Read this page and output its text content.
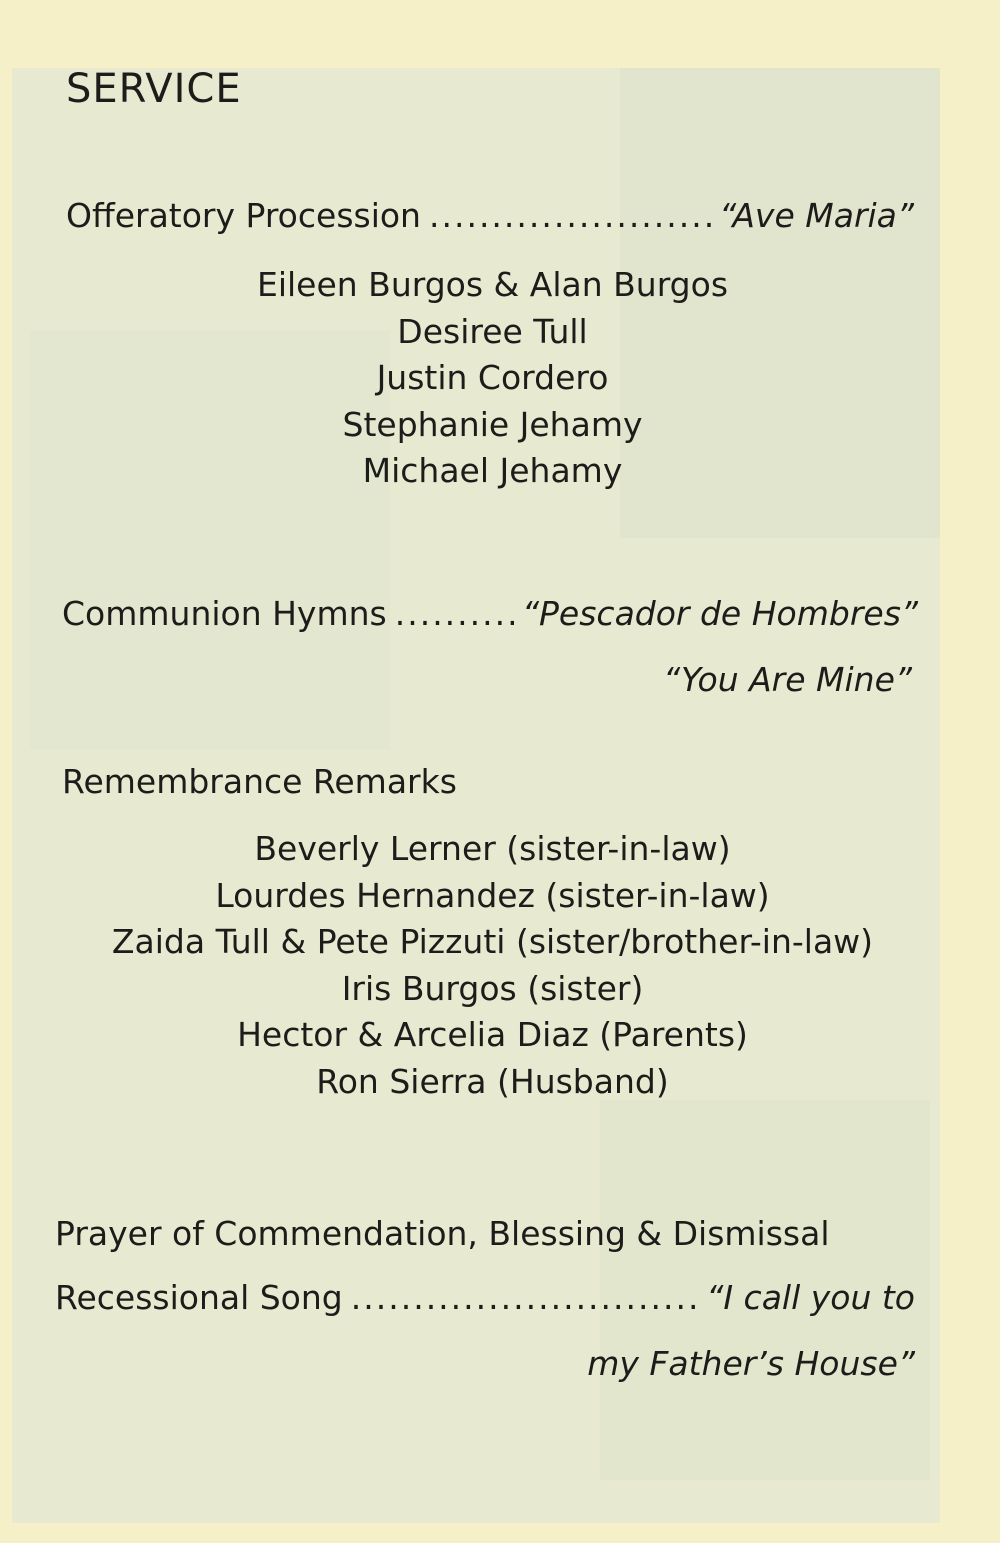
SERVICE
Offeratory Procession .....	“Ave Maria”
Eileen Burgos & Alan Burgos
Desiree Tull
Justin Cordero
Stephanie Jehamy
Michael Jehamy
Communion Hymns .....	“Pescador de Hombres”
“You Are Mine”
Remembrance Remarks
Beverly Lerner (sister-in-law)
Lourdes Hernandez (sister-in-law)
Zaida Tull & Pete Pizzuti (sister/brother-in-law)
Iris Burgos (sister)
Hector & Arcelia Diaz (Parents)
Ron Sierra (Husband)
Prayer of Commendation, Blessing & Dismissal
Recessional Song .....	“I call you to
my Father’s House”
